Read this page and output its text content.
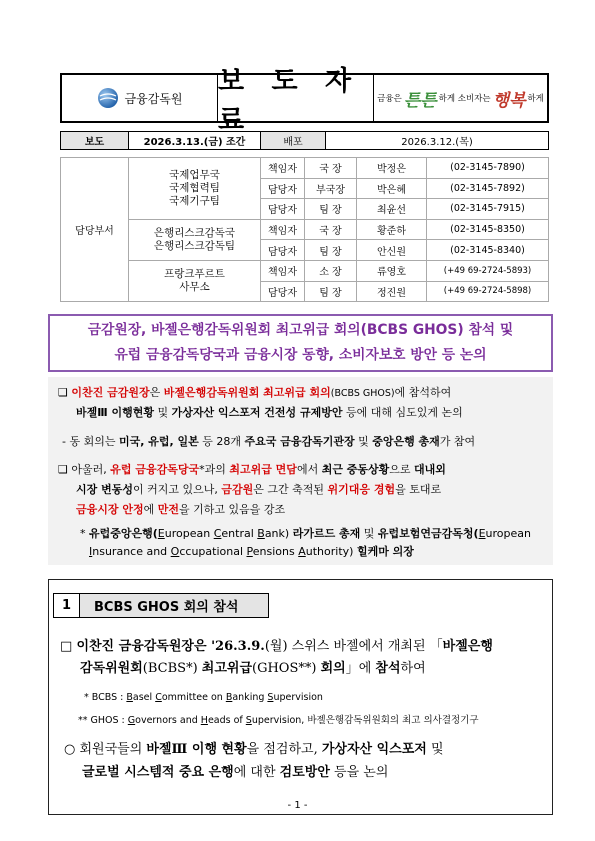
금융감독원
보 도 자 료
금융은 튼튼 하게 소비자는 행복 하게
보도	2026.3.13.(금) 조간	배포	2026.3.12.(목)
담당부서	국제업무국
국제협력팀
국제기구팀	책임자	국 장	박정은	(02-3145-7890)
		담당자	부국장	박은혜	(02-3145-7892)
		담당자	팀 장	최윤선	(02-3145-7915)

	은행리스크감독국
은행리스크감독팀	책임자	국 장	황준하	(02-3145-8350)
		담당자	팀 장	안신원	(02-3145-8340)

	프랑크푸르트
사무소	책임자	소 장	류영호	(+49 69-2724-5893)
		담당자	팀 장	정진원	(+49 69-2724-5898)
금감원장, 바젤은행감독위원회 최고위급 회의(BCBS GHOS) 참석 및
유럽 금융감독당국과 금융시장 동향, 소비자보호 방안 등 논의
❑ 이찬진 금감원장은 바젤은행감독위원회 최고위급 회의(BCBS GHOS)에 참석하여
바젤Ⅲ 이행현황 및 가상자산 익스포저 건전성 규제방안 등에 대해 심도있게 논의
- 동 회의는 미국, 유럽, 일본 등 28개 주요국 금융감독기관장 및 중앙은행 총재가 참여
❑ 아울러, 유럽 금융감독당국*과의 최고위급 면담에서 최근 중동상황으로 대내외
시장 변동성이 커지고 있으나, 금감원은 그간 축적된 위기대응 경험을 토대로
금융시장 안정에 만전을 기하고 있음을 강조
* 유럽중앙은행(European Central Bank) 라가르드 총재 및 유럽보험연금감독청(European
Insurance and Occupational Pensions Authority) 힐케마 의장
1	BCBS GHOS 회의 참석
□ 이찬진 금융감독원장은 '26.3.9.(월) 스위스 바젤에서 개최된 「바젤은행
감독위원회(BCBS*) 최고위급(GHOS**) 회의」에 참석하여
* BCBS : Basel Committee on Banking Supervision
** GHOS : Governors and Heads of Supervision, 바젤은행감독위원회의 최고 의사결정기구
○ 회원국들의 바젤Ⅲ 이행 현황을 점검하고, 가상자산 익스포저 및
글로벌 시스템적 중요 은행에 대한 검토방안 등을 논의
- 1 -
